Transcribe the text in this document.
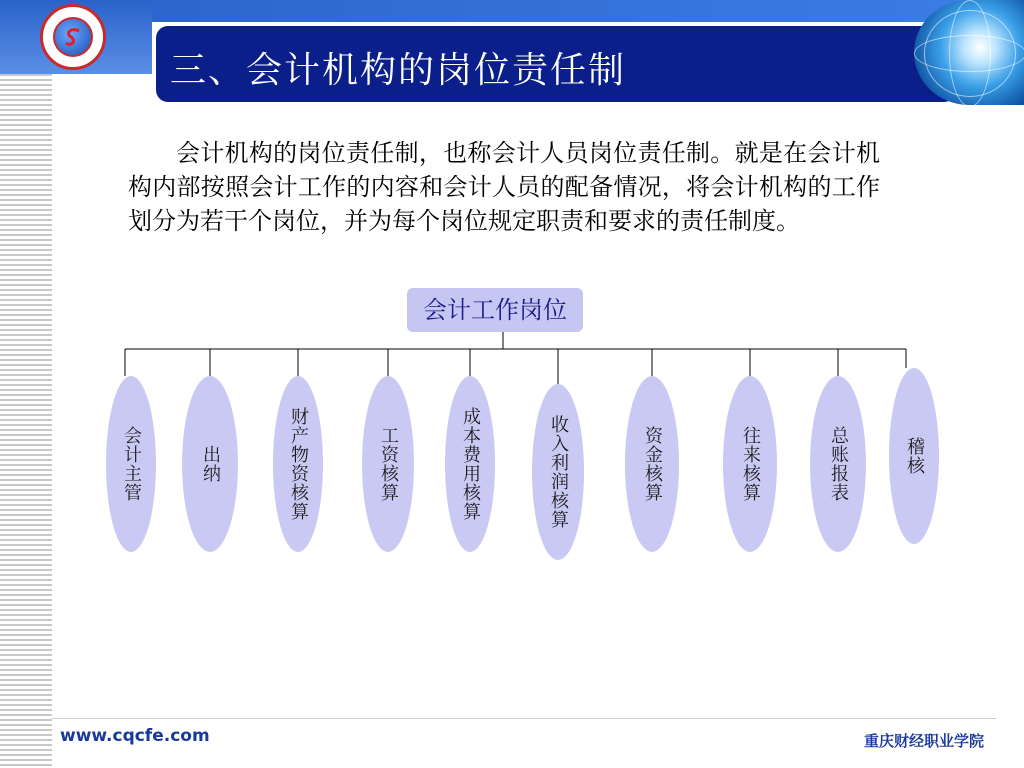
三、会计机构的岗位责任制
会计机构的岗位责任制，也称会计人员岗位责任制。就是在会计机构内部按照会计工作的内容和会计人员的配备情况，将会计机构的工作划分为若干个岗位，并为每个岗位规定职责和要求的责任制度。
会计工作岗位
会计主管	出纳	财产物资核算	工资核算	成本费用核算	收入利润核算	资金核算	往来核算	总账报表	稽核
www.cqcfe.com	重庆财经职业学院
